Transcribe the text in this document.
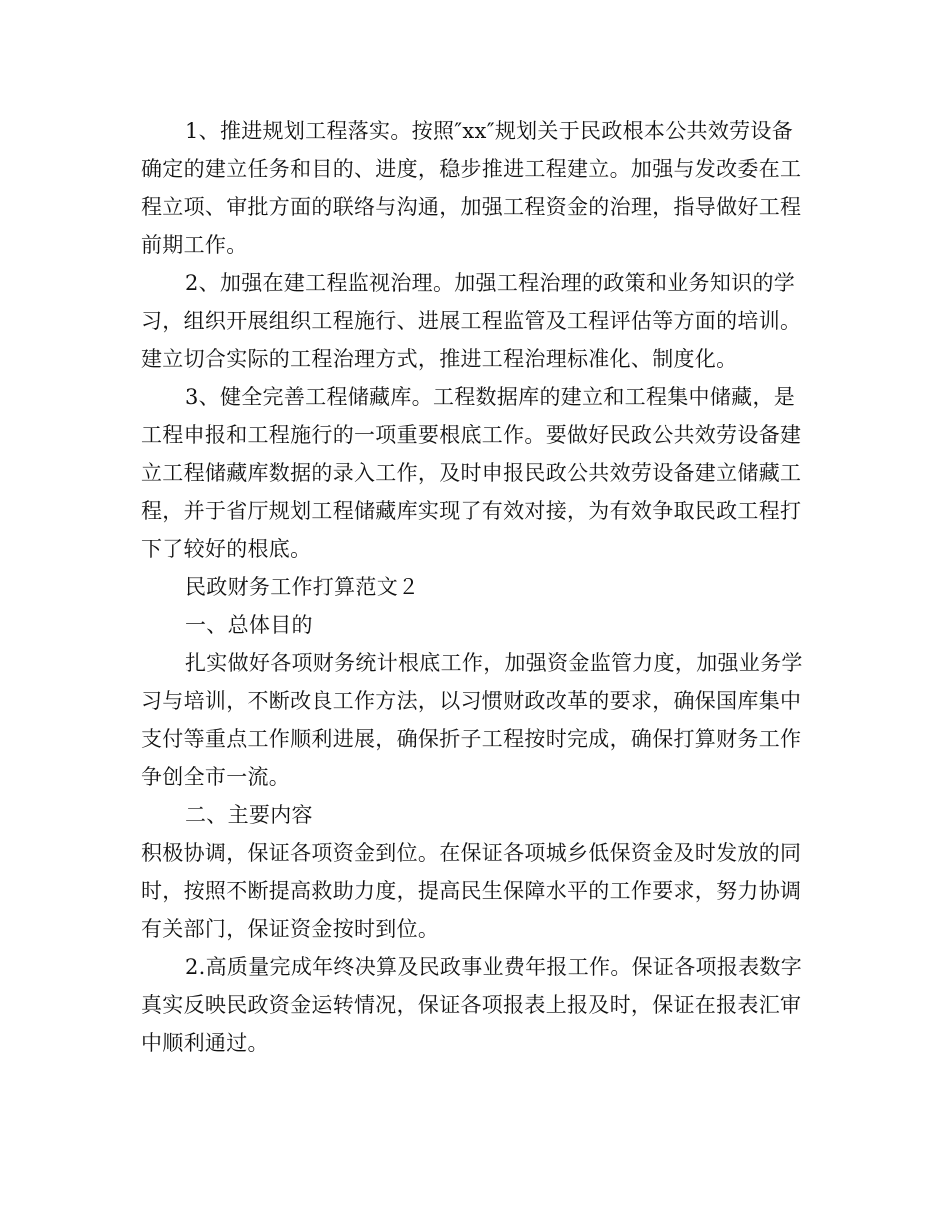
1、推进规划工程落实。按照″xx″规划关于民政根本公共效劳设备确定的建立任务和目的、进度，稳步推进工程建立。加强与发改委在工程立项、审批方面的联络与沟通，加强工程资金的治理，指导做好工程前期工作。

2、加强在建工程监视治理。加强工程治理的政策和业务知识的学习，组织开展组织工程施行、进展工程监管及工程评估等方面的培训。建立切合实际的工程治理方式，推进工程治理标准化、制度化。

3、健全完善工程储藏库。工程数据库的建立和工程集中储藏，是工程申报和工程施行的一项重要根底工作。要做好民政公共效劳设备建立工程储藏库数据的录入工作，及时申报民政公共效劳设备建立储藏工程，并于省厅规划工程储藏库实现了有效对接，为有效争取民政工程打下了较好的根底。

民政财务工作打算范文２

一、总体目的

扎实做好各项财务统计根底工作，加强资金监管力度，加强业务学习与培训，不断改良工作方法，以习惯财政改革的要求，确保国库集中支付等重点工作顺利进展，确保折子工程按时完成，确保打算财务工作争创全市一流。

二、主要内容

积极协调，保证各项资金到位。在保证各项城乡低保资金及时发放的同时，按照不断提高救助力度，提高民生保障水平的工作要求，努力协调有关部门，保证资金按时到位。

2.高质量完成年终决算及民政事业费年报工作。保证各项报表数字真实反映民政资金运转情况，保证各项报表上报及时，保证在报表汇审中顺利通过。
